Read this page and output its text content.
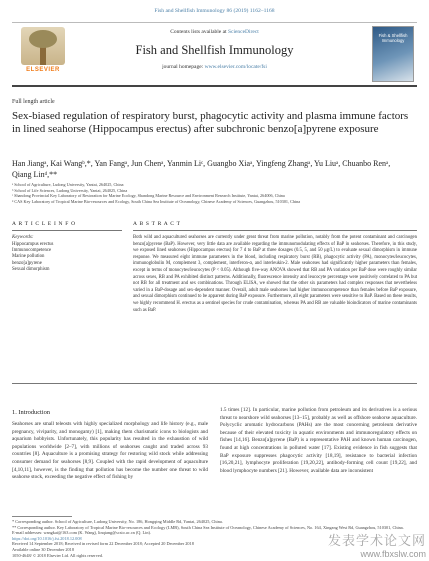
Fish and Shellfish Immunology 86 (2019) 1162–1168
ELSEVIER
Contents lists available at ScienceDirect
Fish and Shellfish Immunology
journal homepage: www.elsevier.com/locate/fsi
Fish & Shellfish Immunology
Full length article
Sex-biased regulation of respiratory burst, phagocytic activity and plasma immune factors in lined seahorse (Hippocampus erectus) after subchronic benzo[a]pyrene exposure
Han Jiangᵃ, Kai Wangᵇ,*, Yan Fangᵃ, Jun Chenᵃ, Yanmin Liᶜ, Guangbo Xiaᵃ, Yingfeng Zhangᵃ, Yu Liuᵃ, Chuanbo Renᵃ, Qiang Linᵈ,**

ᵃ School of Agriculture, Ludong University, Yantai, 264025, China

ᵇ School of Life Sciences, Ludong University, Yantai, 264025, China

ᶜ Shandong Provincial Key Laboratory of Restoration for Marine Ecology, Shandong Marine Resource and Environment Research Institute, Yantai, 264006, China

ᵈ CAS Key Laboratory of Tropical Marine Bio-resources and Ecology, South China Sea Institute of Oceanology, Chinese Academy of Sciences, Guangzhou, 510301, China

A R T I C L E I N F O	A B S T R A C T
Keywords:
Hippocampus erectus
Immunocompetence
Marine pollution
benzo[a]pyrene
Sexual dimorphism
Both wild and aquacultured seahorses are currently under great threat from marine pollution, notably from the potent contaminant and carcinogen benzo[a]pyrene (BaP). However, very little data are available regarding the immunomodulating effects of BaP in seahorses. Therefore, in this study, we exposed lined seahorses (Hippocampus erectus) for 7 d to BaP at three dosages (0.5, 5, and 50 μg/L) to evaluate sexual dimorphism in immune response. We measured eight immune parameters in the blood, including respiratory burst (RB), phagocytic activity (PA), monocytes/leucocytes, immunoglobulin M, complement 3, complement, interferon-α, and interleukin-2. Male seahorses had significantly higher parameters than females, except in terms of monocytes/leucocytes (P < 0.05). Although five-way ANOVA showed that RB and PA variation per BaP dose were roughly similar across sexes, RB and PA exhibited distinct patterns. Additionally, fluorescence intensity and leucocyte percentage were positively correlated to PA but not RB for all treatment and sex combinations. Through ELISA, we showed that the other six parameters had complex responses that nevertheless varied in a BaP-dosage and sex-dependent manner. Overall, adult male seahorses had higher immunocompetence than females before BaP exposure, and sexual dimorphism continued to be apparent during BaP exposure. Furthermore, all eight parameters were sensitive to BaP. Based on these results, we highly recommend H. erectus as a sentinel species for crude contamination, whereas PA and RB are valuable bioindicators of marine contaminants such as BaP.
1. Introduction
Seahorses are small teleosts with highly specialized morphology and life history (e.g., male pregnancy, viviparity, and monogamy) [1], making them charismatic icons to biologists and aquarium hobbyists. Unfortunately, this popularity has resulted in the exhaustion of wild populations worldwide [2–7], with millions of seahorses caught and traded across 93 countries [8]. Aquaculture is a promising strategy for restoring wild stock while addressing consumer demand for seahorses [8,9]. Coupled with the rapid development of aquaculture [4,10,11], however, is the finding that pollution has become the number one threat to wild seahorse stock, exceeding the negative effect of fishing by
1.5 times [12]. In particular, marine pollution from petroleum and its derivatives is a serious threat to nearshore wild seahorses [13–15], probably as well as offshore seahorse aquaculture. Polycyclic aromatic hydrocarbons (PAHs) are the most concerning petroleum derivative because of their elevated toxicity in aquatic environments and immunoregulatory effects on fishes [14,16]. Benzo[a]pyrene (BaP) is a representative PAH and known human carcinogen, found at high concentrations in polluted water [17]. Existing evidence in fish suggests that BaP exposure suppresses phagocytic activity [18,19], resistance to bacterial infection [16,20,21], lymphocyte proliferation [19,20,22], antibody-forming cell count [19,22], and blood lymphocyte numbers [21]. However, available data are inconsistent

* Corresponding author. School of Agriculture, Ludong University, No. 186, Hongqing Middle Rd, Yantai, 264025, China.

** Corresponding author. Key Laboratory of Tropical Marine Bio-resources and Ecology (LMB), South China Sea Institute of Oceanology, Chinese Academy of Sciences, No. 164, Xingang West Rd, Guangzhou, 510301, China.

E-mail addresses: wangkai@163.com (K. Wang), linqiang@scsio.ac.cn (Q. Lin).

https://doi.org/10.1016/j.fsi.2018.12.008

Received 14 September 2018; Received in revised form 22 December 2018; Accepted 20 December 2018

Available online 30 December 2018

1050-4648/ © 2018 Elsevier Ltd. All rights reserved.

发表学术论文网
www.fbxslw.com
